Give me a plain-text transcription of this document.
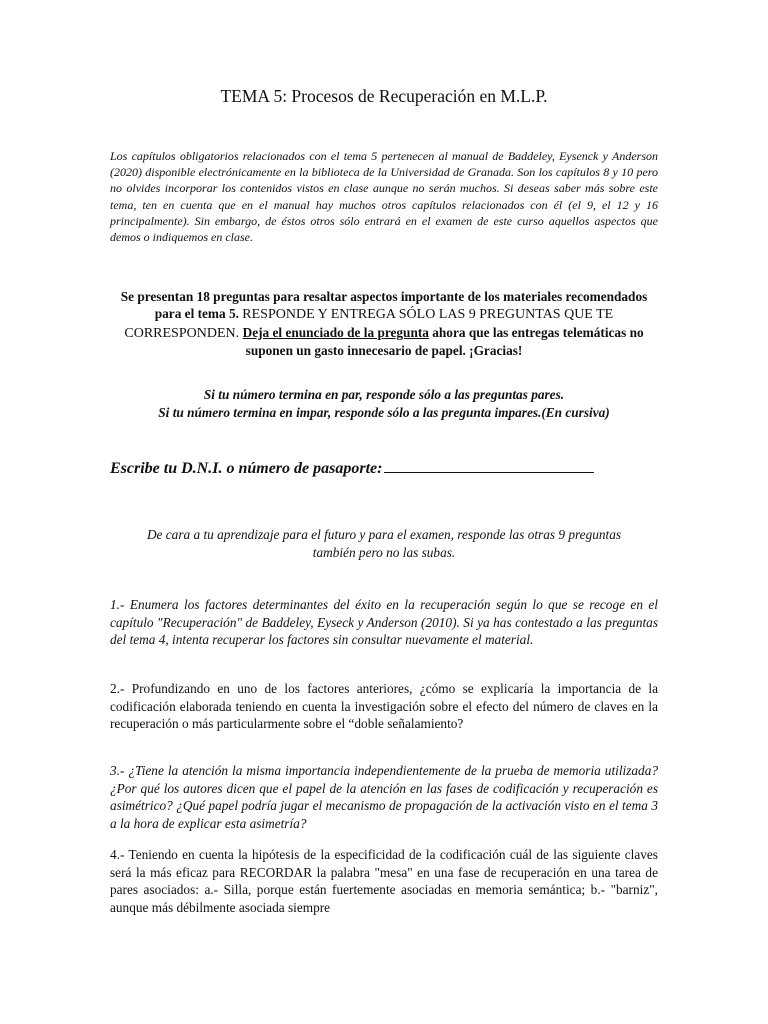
TEMA 5: Procesos de Recuperación en M.L.P.
Los capítulos obligatorios relacionados con el tema 5 pertenecen al manual de Baddeley, Eysenck y Anderson (2020) disponible electrónicamente en la biblioteca de la Universidad de Granada. Son los capítulos 8 y 10 pero no olvides incorporar los contenidos vistos en clase aunque no serán muchos. Si deseas saber más sobre este tema, ten en cuenta que en el manual hay muchos otros capítulos relacionados con él (el 9, el 12 y 16 principalmente). Sin embargo, de éstos otros sólo entrará en el examen de este curso aquellos aspectos que demos o indiquemos en clase.
Se presentan 18 preguntas para resaltar aspectos importante de los materiales recomendados para el tema 5. RESPONDE Y ENTREGA SÓLO LAS 9 PREGUNTAS QUE TE CORRESPONDEN. Deja el enunciado de la pregunta ahora que las entregas telemáticas no suponen un gasto innecesario de papel. ¡Gracias!
Si tu número termina en par, responde sólo a las preguntas pares.
Si tu número termina en impar, responde sólo a las pregunta impares.(En cursiva)
Escribe tu D.N.I. o número de pasaporte:
De cara a tu aprendizaje para el futuro y para el examen, responde las otras 9 preguntas también pero no las subas.
1.- Enumera los factores determinantes del éxito en la recuperación según lo que se recoge en el capítulo "Recuperación" de Baddeley, Eyseck y Anderson (2010). Si ya has contestado a las preguntas del tema 4, intenta recuperar los factores sin consultar nuevamente el material.
2.- Profundizando en uno de los factores anteriores, ¿cómo se explicaría la importancia de la codificación elaborada teniendo en cuenta la investigación sobre el efecto del número de claves en la recuperación o más particularmente sobre el “doble señalamiento?
3.- ¿Tiene la atención la misma importancia independientemente de la prueba de memoria utilizada? ¿Por qué los autores dicen que el papel de la atención en las fases de codificación y recuperación es asimétrico? ¿Qué papel podría jugar el mecanismo de propagación de la activación visto en el tema 3 a la hora de explicar esta asimetría?
4.- Teniendo en cuenta la hipótesis de la especificidad de la codificación cuál de las siguiente claves será la más eficaz para RECORDAR la palabra "mesa" en una fase de recuperación en una tarea de pares asociados: a.- Silla, porque están fuertemente asociadas en memoria semántica; b.- "barniz", aunque más débilmente asociada siempre
